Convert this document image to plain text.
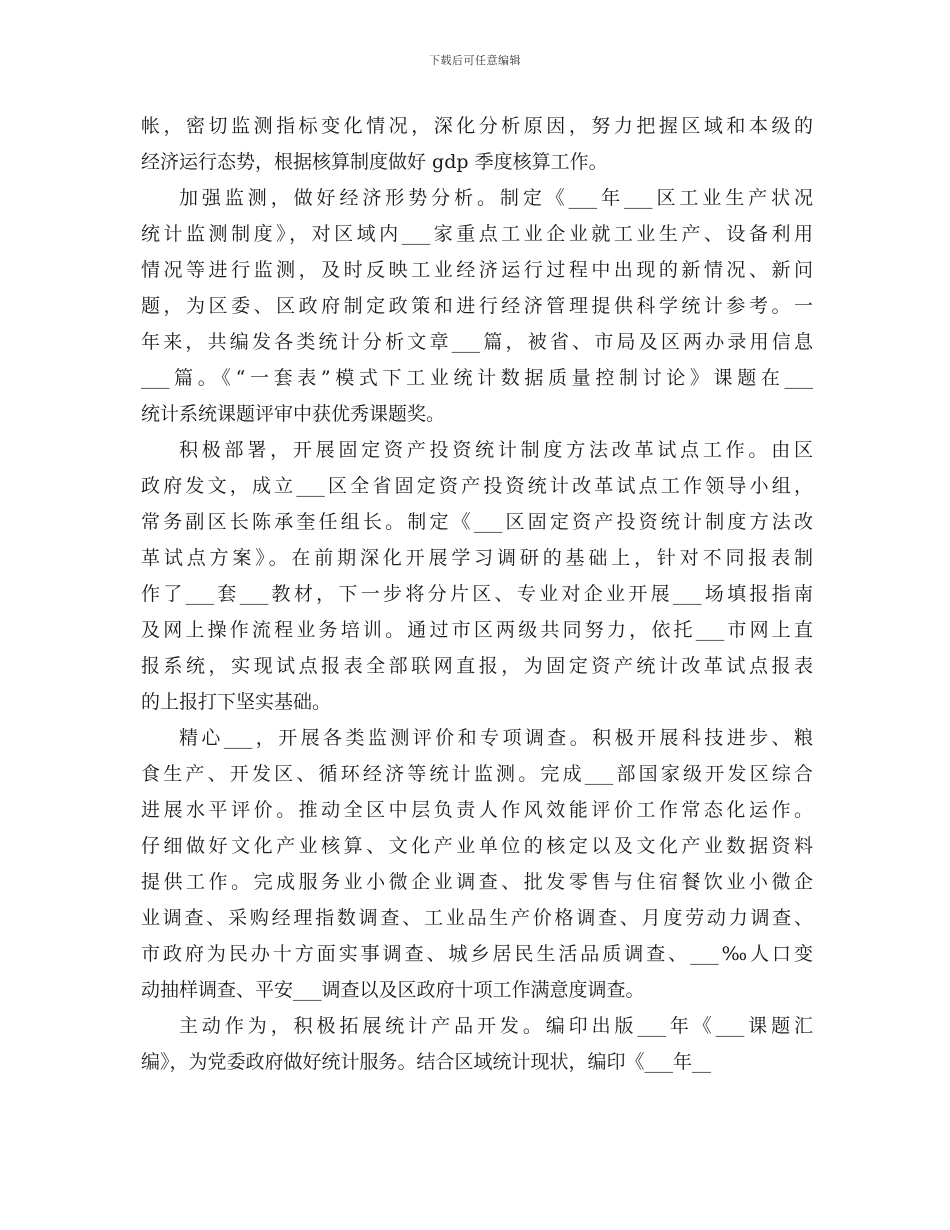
下载后可任意编辑
帐，密切监测指标变化情况，深化分析原因，努力把握区域和本级的
经济运行态势，根据核算制度做好 gdp 季度核算工作。
加强监测，做好经济形势分析。制定《___年___区工业生产状况
统计监测制度》，对区域内___家重点工业企业就工业生产、设备利用
情况等进行监测，及时反映工业经济运行过程中出现的新情况、新问
题，为区委、区政府制定政策和进行经济管理提供科学统计参考。一
年来，共编发各类统计分析文章___篇，被省、市局及区两办录用信息
___篇。《“一套表”模式下工业统计数据质量控制讨论》课题在___
统计系统课题评审中获优秀课题奖。
积极部署，开展固定资产投资统计制度方法改革试点工作。由区
政府发文，成立___区全省固定资产投资统计改革试点工作领导小组，
常务副区长陈承奎任组长。制定《___区固定资产投资统计制度方法改
革试点方案》。在前期深化开展学习调研的基础上，针对不同报表制
作了___套___教材，下一步将分片区、专业对企业开展___场填报指南
及网上操作流程业务培训。通过市区两级共同努力，依托___市网上直
报系统，实现试点报表全部联网直报，为固定资产统计改革试点报表
的上报打下坚实基础。
精心___，开展各类监测评价和专项调查。积极开展科技进步、粮
食生产、开发区、循环经济等统计监测。完成___部国家级开发区综合
进展水平评价。推动全区中层负责人作风效能评价工作常态化运作。
仔细做好文化产业核算、文化产业单位的核定以及文化产业数据资料
提供工作。完成服务业小微企业调查、批发零售与住宿餐饮业小微企
业调查、采购经理指数调查、工业品生产价格调查、月度劳动力调查、
市政府为民办十方面实事调查、城乡居民生活品质调查、___‰人口变
动抽样调查、平安___调查以及区政府十项工作满意度调查。
主动作为，积极拓展统计产品开发。编印出版___年《___课题汇
编》，为党委政府做好统计服务。结合区域统计现状，编印《___年__
